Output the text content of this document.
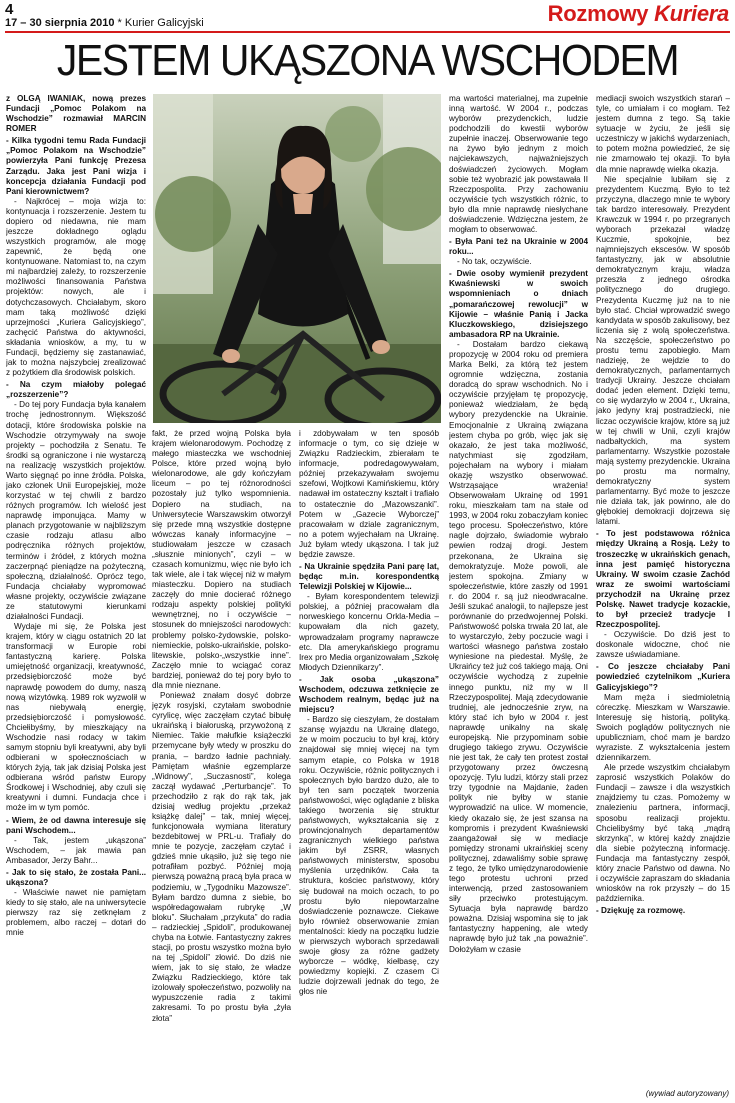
4
17 – 30 sierpnia 2010 * Kurier Galicyjski	Rozmowy Kuriera
JESTEM UKĄSZONA WSCHODEM

z OLGĄ IWANIAK, nową prezes Fundacji „Pomoc Polakom na Wschodzie” rozmawiał MARCIN ROMER

- Kilka tygodni temu Rada Fundacji „Pomoc Polakom na Wschodzie” powierzyła Pani funkcję Prezesa Zarządu. Jaka jest Pani wizja i koncepcja działania Fundacji pod Pani kierownictwem?

- Najkrócej – moja wizja to: kontynuacja i rozszerzenie. Jestem tu dopiero od niedawna, nie mam jeszcze dokładnego oglądu wszystkich programów, ale mogę zapewnić, że będą one kontynuowane. Natomiast to, na czym mi najbardziej zależy, to rozszerzenie możliwości finansowania Państwa projektów: nowych, ale i dotychczasowych. Chciałabym, skoro mam taką możliwość dzięki uprzejmości „Kuriera Galicyjskiego”, zachęcić Państwa do aktywności, składania wniosków, a my, tu w Fundacji, będziemy się zastanawiać, jak to można najszybciej zrealizować z pożytkiem dla środowisk polskich.

- Na czym miałoby polegać „rozszerzenie”?

- Do tej pory Fundacja była kanałem trochę jednostronnym. Większość dotacji, które środowiska polskie na Wschodzie otrzymywały na swoje projekty – pochodziła z Senatu. Te środki są ograniczone i nie wystarczą na realizację wszystkich projektów. Warto sięgnąć po inne źródła. Polska, jako członek Unii Europejskiej, może korzystać w tej chwili z bardzo różnych programów. Ich wielość jest naprawdę imponująca. Mamy w planach przygotowanie w najbliższym czasie rodzaju atlasu albo podręcznika różnych projektów, terminów i źródeł, z których można zaczerpnąć pieniądze na pożyteczną, społeczną, działalność. Oprócz tego, Fundacja chciałaby wypromować własne projekty, oczywiście związane ze statutowymi kierunkami działalności Fundacji.

Wydaje mi się, że Polska jest krajem, który w ciągu ostatnich 20 lat transformacji w Europie robi fantastyczną karierę. Polska umiejętność organizacji, kreatywność, przedsiębiorczość może być naprawdę powodem do dumy, naszą nową wizytówką. 1989 rok wyzwolił w nas niebywałą energię, przedsiębiorczość i pomysłowość. Chciełibyśmy, by mieszkający na Wschodzie nasi rodacy w takim samym stopniu byli kreatywni, aby byli odbierani w społecznościach w których żyją, tak jak dzisiaj Polska jest odbierana wśród państw Europy Środkowej i Wschodniej, aby czuli się kreatywni i dumni. Fundacja chce i może im w tym pomóc.

- Wiem, że od dawna interesuje się pani Wschodem...

- Tak, jestem „ukąszona” Wschodem, – jak mawia pan Ambasador, Jerzy Bahr...

- Jak to się stało, że została Pani... ukąszona?

- Właściwie nawet nie pamiętam kiedy to się stało, ale na uniwersytecie pierwszy raz się zetknęłam z problemem, albo raczej – dotarł do mnie

fakt, że przed wojną Polska była krajem wielonarodowym. Pochodzę z małego miasteczka we wschodniej Polsce, które przed wojną było wielonarodowe, ale gdy kończyłam liceum – po tej różnorodności pozostały już tylko wspomnienia. Dopiero na studiach, na Uniwersytecie Warszawskim otworzył się przede mną wszystkie dostępne wówczas kanały informacyjne – studiowałam jeszcze w czasach „słusznie minionych”, czyli – w czasach komunizmu, więc nie było ich tak wiele, ale i tak więcej niż w małym miasteczku. Dopiero na studiach zaczęły do mnie docierać różnego rodzaju aspekty polskiej polityki wewnętrznej, no i oczywiście – stosunek do mniejszości narodowych: problemy polsko-żydowskie, polsko-niemieckie, polsko-ukraińskie, polsko-litewskie, polsko-„wszystkie inne”. Zaczęło mnie to wciągać coraz bardziej, ponieważ do tej pory było to dla mnie nieznane.

Ponieważ znałam dosyć dobrze język rosyjski, czytałam swobodnie cyrylicę, więc zaczęłam czytać bibułę ukraińską i białoruską, przywożoną z Niemiec. Takie małufkie książeczki przemycane były wtedy w proszku do prania, – bardzo ładnie pachniały. Pamiętam właśnie egzemplarze „Widnowy”, „Suczasnosti”, kolega zaczął wydawać „Perturbancje”. To przechodziło z rąk do rąk tak, jak dzisiaj według projektu „przekaż książkę dalej” – tak, mniej więcej, funkcjonowała wymiana literatury bezdebitowej w PRL-u. Trafiały do mnie te pozycje, zaczęłam czytać i gdzieś mnie ukąsiło, już się tego nie potrafiłam pozbyć. Później moją pierwszą poważną pracą była praca w podziemiu, w „Tygodniku Mazowsze”. Byłam bardzo dumna z siebie, bo współredagowałam rubrykę „W bloku”. Słuchałam „przykuta” do radia – radzieckiej „Spidoli”, produkowanej chyba na Łotwie. Fantastyczny zakres stacji, po prostu wszystko można było na tej „Spidoli” złowić. Do dziś nie wiem, jak to się stało, że władze Związku Radzieckiego, które tak izolowały społeczeństwo, pozwoliły na wypuszczenie radia z takimi zakresami. To po prostu była „żyła złota”

i zdobywałam w ten sposób informacje o tym, co się dzieje w Związku Radzieckim, zbierałam te informacje, podredagowywałam, później przekazywałam swojemu szefowi, Wojtkowi Kamińskiemu, który nadawał im ostateczny kształt i trafiało to ostatecznie do „Mazowszanki”. Potem w „Gazecie Wyborczej” pracowałam w dziale zagranicznym, no a potem wyjechałam na Ukrainę. Już byłam wtedy ukąszona. I tak już będzie zawsze.

- Na Ukrainie spędziła Pani parę lat, będąc m.in. korespondentką Telewizji Polskiej w Kijowie...

- Byłam korespondentem telewizji polskiej, a później pracowałam dla norweskiego koncernu Orkla-Media – kupowałam dla nich gazety, wprowadzałam programy naprawcze etc. Dla amerykańskiego programu Irex pro Media organizowałam „Szkołę Młodych Dziennikarzy”.

- Jak osoba „ukąszona” Wschodem, odczuwa zetknięcie ze Wschodem realnym, będąc już na miejscu?

- Bardzo się cieszyłam, że dostałam szansę wyjazdu na Ukrainę dlatego, że w moim poczuciu to był kraj, który znajdował się mniej więcej na tym samym etapie, co Polska w 1918 roku. Oczywiście, różnic politycznych i społecznych było bardzo dużo, ale to był ten sam początek tworzenia państwowości, więc oglądanie z bliska takiego tworzenia się struktur państwowych, wykształcania się z prowincjonalnych departamentów zagranicznych wielkiego państwa jakim był ZSRR, własnych państwowych ministerstw, sposobu myślenia urzędników. Cała ta struktura, kościec państwowy, który się budował na moich oczach, to po prostu było niepowtarzalne doświadczenie poznawcze. Ciekawe było również obserwowanie zmian mentalności: kiedy na początku ludzie w pierwszych wyborach sprzedawali swoje głosy za różne gadżety wyborcze – wódkę, kiełbasę, czy powiedzmy kopiejki. Z czasem Ci ludzie dojrzewali jednak do tego, że głos nie

ma wartości materialnej, ma zupełnie inną wartość. W 2004 r., podczas wyborów prezydenckich, ludzie podchodzili do kwestii wyborów zupełnie inaczej. Obserwowanie tego na żywo było jednym z moich najciekawszych, najważniejszych doświadczeń życiowych. Mogłam sobie też wyobrazić jak powstawała II Rzeczpospolita. Przy zachowaniu oczywiście tych wszystkich różnic, to było dla mnie naprawdę niesłychane doświadczenie. Wdzięczna jestem, że mogłam to obserwować.

- Była Pani też na Ukrainie w 2004 roku...

- No tak, oczywiście.

- Dwie osoby wymienił prezydent Kwaśniewski w swoich wspomnieniach o dniach „pomarańczowej rewolucji” w Kijowie – właśnie Panią i Jacka Kluczkowskiego, dzisiejszego ambasadora RP na Ukrainie.

- Dostałam bardzo ciekawą propozycję w 2004 roku od premiera Marka Belki, za którą też jestem ogromnie wdzięczna, zostania doradcą do spraw wschodnich. No i oczywiście przyjęłam tę propozycję, ponieważ wiedziałam, że będą wybory prezydenckie na Ukrainie. Emocjonalnie z Ukrainą związana jestem chyba po grób, więc jak się okazało, że jest taka możliwość, natychmiast się zgodziłam, pojechałam na wybory i miałam okazję wszystko obserwować. Wstrząsające wrażenia! Obserwowałam Ukrainę od 1991 roku, mieszkałam tam na stałe od 1993, w 2004 roku zobaczyłam koniec tego procesu. Społeczeństwo, które nagle dojrzało, świadomie wybrało pewien rodzaj drogi. Jestem przekonana, że Ukraina się demokratyzuje. Może powoli, ale jestem spokojna. Zmiany w społeczeństwie, które zaszły od 1991 r. do 2004 r. są już nieodwracalne. Jeśli szukać analogii, to najlepsze jest porównanie do przedwojennej Polski. Państwowość polska trwała 20 lat, ale to wystarczyło, żeby poczucie wagi i wartości własnego państwa zostało wyniesione na piedestał. Myślę, że Ukraińcy też już coś takiego mają. Oni oczywiście wychodzą z zupełnie innego punktu, niż my w II Rzeczypospolitej. Mają zdecydowanie trudniej, ale jednocześnie zryw, na który stać ich było w 2004 r. jest naprawdę unikalny na skalę europejską. Nie przypominam sobie drugiego takiego zrywu. Oczywiście nie jest tak, że cały ten protest został przygotowany przez ówczesną opozycję. Tylu ludzi, którzy stali przez trzy tygodnie na Majdanie, żaden polityk nie byłby w stanie wyprowadzić na ulice. W momencie, kiedy okazało się, że jest szansa na kompromis i prezydent Kwaśniewski zaangażował się w mediacje pomiędzy stronami ukraińskiej sceny politycznej, zdawaliśmy sobie sprawę z tego, że tylko umiędzynarodowienie tego protestu uchroni przed interwencją, przed zastosowaniem siły przeciwko protestującym. Sytuacja była naprawdę bardzo poważna. Dzisiaj wspomina się to jak fantastyczny happening, ale wtedy naprawdę było już tak „na poważnie”. Dołożyłam w czasie

mediacji swoich wszystkich starań – tyle, co umiałam i co mogłam. Też jestem dumna z tego. Są takie sytuacje w życiu, że jeśli się uczestniczy w jakichś wydarzeniach, to potem można powiedzieć, że się nie zmarnowało tej okazji. To była dla mnie naprawdę wielka okazja.

Nie specjalnie lubiłam się z prezydentem Kuczmą. Było to też przyczyna, dlaczego mnie te wybory tak bardzo interesowały. Prezydent Krawczuk w 1994 r. po przegranych wyborach przekazał władzę Kuczmie, spokojnie, bez najmniejszych ekscesów. W sposób fantastyczny, jak w absolutnie demokratycznym kraju, władza przeszła z jednego ośrodka politycznego do drugiego. Prezydenta Kuczmę już na to nie było stać. Chciał wprowadzić swego kandydata w sposób zakulisowy, bez liczenia się z wolą społeczeństwa. Na szczęście, społeczeństwo po prostu temu zapobiegło. Mam nadzieję, że wejdzie to do demokratycznych, parlamentarnych tradycji Ukrainy. Jeszcze chciałam dodać jeden element. Dzięki temu, co się wydarzyło w 2004 r., Ukraina, jako jedyny kraj postradziecki, nie liczac oczywiście krajów, które są już w tej chwili w Unii, czyli krajów nadbałtyckich, ma system parlamentarny. Wszystkie pozostałe mają systemy prezydenckie. Ukraina po prostu ma normalny, demokratyczny system parlamentarny. Być może to jeszcze nie działa tak, jak powinno, ale do głębokiej demokracji dojrzewa się latami.

- To jest podstawowa różnica między Ukrainą a Rosją. Leży to troszeczkę w ukraińskich genach, inna jest pamięć historyczna Ukrainy. W swoim czasie Zachód wraz ze swoimi wartościami przychodził na Ukrainę przez Polskę. Nawet tradycje kozackie, to był przecież tradycje I Rzeczpospolitej.

- Oczywiście. Do dziś jest to doskonale widoczne, choć nie zawsze uświadamiane.

- Co jeszcze chciałaby Pani powiedzieć czytelnikom „Kuriera Galicyjskiego”?

Mam męża i siedmioletnią córeczkę. Mieszkam w Warszawie. Interesuję się historią, polityką. Swoich poglądów politycznych nie upubliczniam, choć mam je bardzo wyraziste. Z wykształcenia jestem dziennikarzem.

Ale przede wszystkim chciałabym zaprosić wszystkich Polaków do Fundacji – zawsze i dla wszystkich znajdziemy tu czas. Pomożemy w znalezieniu partnera, informacji, sposobu realizacji projektu. Chcielibyśmy być taką „mądrą skrzynką”, w której każdy znajdzie dla siebie pożyteczną informację. Fundacja ma fantastyczny zespół, który znacie Państwo od dawna. No i oczywiście zapraszam do składania wniosków na rok przyszły – do 15 października.

- Dziękuję za rozmowę.

(wywiad autoryzowany)
